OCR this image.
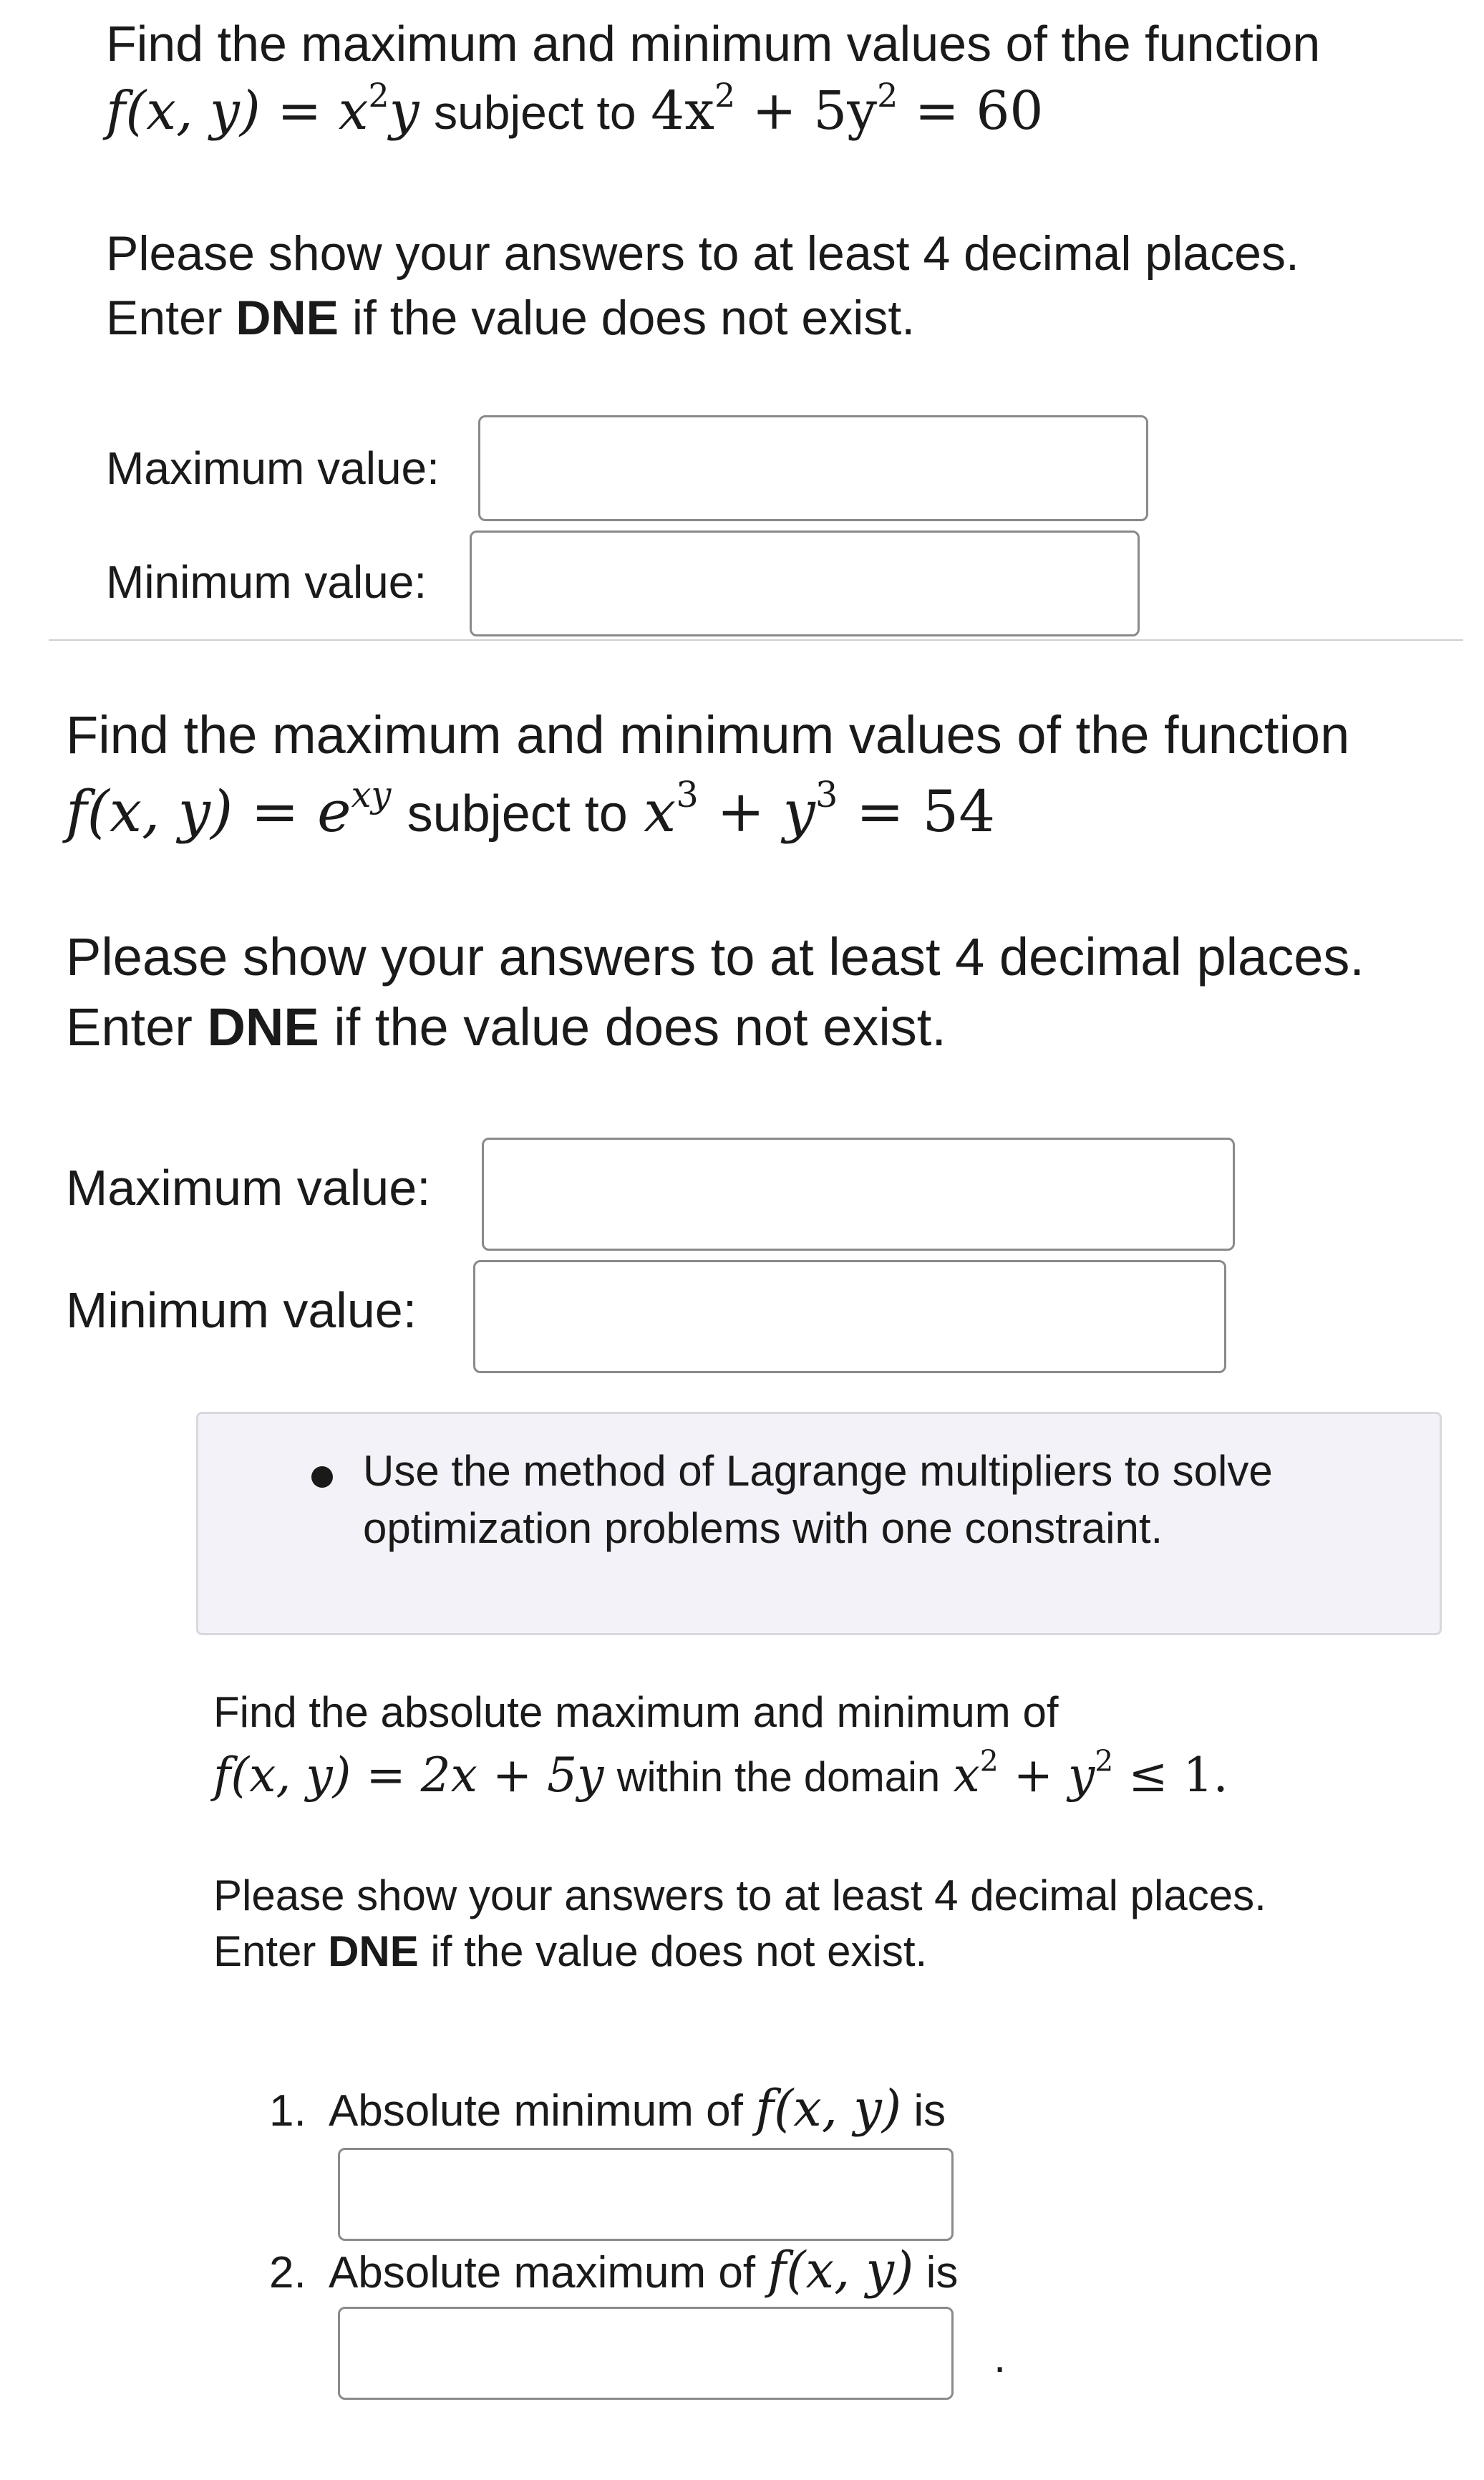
Find the maximum and minimum values of the function
f(x, $y) = x^2y$ subject to $4x^2 + 5y^2 = 60$
Please show your answers to at least 4 decimal places.
Enter DNE if the value does not exist.
Maximum value:
Minimum value:
Find the maximum and minimum values of the function
f(x, $y) = e^{xy}$ subject to $x^3 + y^3 = 54$
Please show your answers to at least 4 decimal places.
Enter DNE if the value does not exist.
Maximum value:
Minimum value:
Use the method of Lagrange multipliers to solve
optimization problems with one constraint.
Find the absolute maximum and minimum of
f(x, y) = 2x + 5y within the domain $x^2 + y^2 \le 1$.
Please show your answers to at least 4 decimal places.
Enter DNE if the value does not exist.
1. Absolute minimum of f(x, y) is
2. Absolute maximum of f(x, y) is
.
